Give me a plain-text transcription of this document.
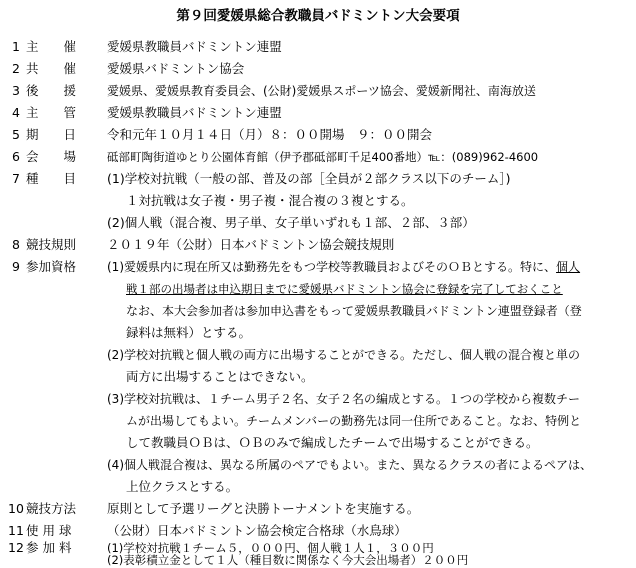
第９回愛媛県総合教職員バドミントン大会要項
1 主　　催	愛媛県教職員バドミントン連盟
2 共　　催	愛媛県バドミントン協会
3 後　　援	愛媛県、愛媛県教育委員会、(公財)愛媛県スポーツ協会、愛媛新聞社、南海放送
4 主　　管	愛媛県教職員バドミントン連盟
5 期　　日	令和元年１０月１４日（月）８：００開場　９：００開会
6 会　　場	砥部町陶街道ゆとり公園体育館（伊予郡砥部町千足400番地）℡：(089)962-4600
7 種　　目	(1)学校対抗戦（一般の部、普及の部［全員が２部クラス以下のチーム］)
１対抗戦は女子複・男子複・混合複の３複とする。
(2)個人戦（混合複、男子単、女子単いずれも１部、２部、３部）
8 競技規則	２０１９年（公財）日本バドミントン協会競技規則
9 参加資格	(1)愛媛県内に現在所又は勤務先をもつ学校等教職員およびそのＯＢとする。特に、個人
戦１部の出場者は申込期日までに愛媛県バドミントン協会に登録を完了しておくこと
なお、本大会参加者は参加申込書をもって愛媛県教職員バドミントン連盟登録者（登
録料は無料）とする。
(2)学校対抗戦と個人戦の両方に出場することができる。ただし、個人戦の混合複と単の
両方に出場することはできない。
(3)学校対抗戦は、１チーム男子２名、女子２名の編成とする。１つの学校から複数チー
ムが出場してもよい。チームメンバーの勤務先は同一住所であること。なお、特例と
して教職員ＯＢは、ＯＢのみで編成したチームで出場することができる。
(4)個人戦混合複は、異なる所属のペアでもよい。また、異なるクラスの者によるペアは、
上位クラスとする。
10 競技方法	原則として予選リーグと決勝トーナメントを実施する。
11 使 用 球	（公財）日本バドミントン協会検定合格球（水鳥球）
12 参 加 料	(1)学校対抗戦１チーム５，０００円、個人戦１人１，３００円
(2)表彰積立金として１人（種目数に関係なく今大会出場者）２００円
